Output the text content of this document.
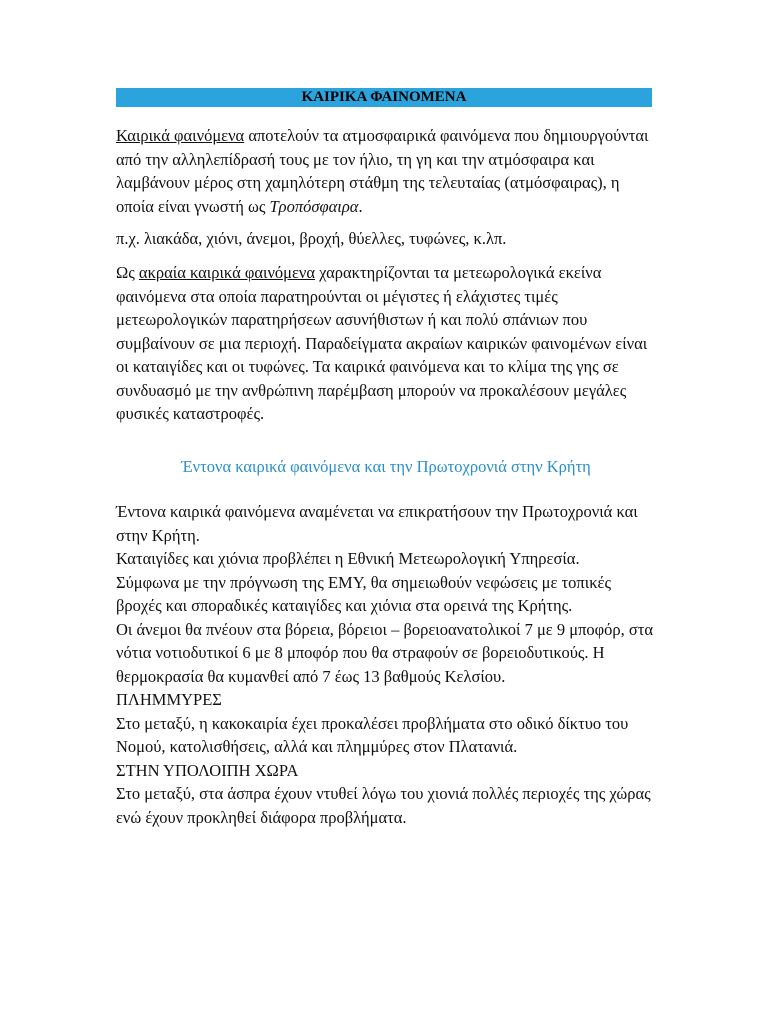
ΚΑΙΡΙΚΑ ΦΑΙΝΟΜΕΝΑ

Καιρικά φαινόμενα αποτελούν τα ατμοσφαιρικά φαινόμενα που δημιουργούνται από την αλληλεπίδρασή τους με τον ήλιο, τη γη και την ατμόσφαιρα και λαμβάνουν μέρος στη χαμηλότερη στάθμη της τελευταίας (ατμόσφαιρας), η οποία είναι γνωστή ως Τροπόσφαιρα.

π.χ. λιακάδα, χιόνι, άνεμοι, βροχή, θύελλες, τυφώνες, κ.λπ.

Ως ακραία καιρικά φαινόμενα χαρακτηρίζονται τα μετεωρολογικά εκείνα φαινόμενα στα οποία παρατηρούνται οι μέγιστες ή ελάχιστες τιμές μετεωρολογικών παρατηρήσεων ασυνήθιστων ή και πολύ σπάνιων που συμβαίνουν σε μια περιοχή. Παραδείγματα ακραίων καιρικών φαινομένων είναι οι καταιγίδες και οι τυφώνες. Τα καιρικά φαινόμενα και το κλίμα της γης σε συνδυασμό με την ανθρώπινη παρέμβαση μπορούν να προκαλέσουν μεγάλες φυσικές καταστροφές.

Έντονα καιρικά φαινόμενα και την Πρωτοχρονιά στην Κρήτη

Έντονα καιρικά φαινόμενα αναμένεται να επικρατήσουν την Πρωτοχρονιά και στην Κρήτη.

Καταιγίδες και χιόνια προβλέπει η Εθνική Μετεωρολογική Υπηρεσία.

Σύμφωνα με την πρόγνωση της ΕΜΥ, θα σημειωθούν νεφώσεις με τοπικές βροχές και σποραδικές καταιγίδες και χιόνια στα ορεινά της Κρήτης.

Οι άνεμοι θα πνέουν στα βόρεια, βόρειοι – βορειοανατολικοί 7 με 9 μποφόρ, στα νότια νοτιοδυτικοί 6 με 8 μποφόρ που θα στραφούν σε βορειοδυτικούς. Η θερμοκρασία θα κυμανθεί από 7 έως 13 βαθμούς Κελσίου.

ΠΛΗΜΜΥΡΕΣ

Στο μεταξύ, η κακοκαιρία έχει προκαλέσει προβλήματα στο οδικό δίκτυο του Νομού, κατολισθήσεις, αλλά και πλημμύρες στον Πλατανιά.

ΣΤΗΝ ΥΠΟΛΟΙΠΗ ΧΩΡΑ

Στο μεταξύ, στα άσπρα έχουν ντυθεί λόγω του χιονιά πολλές περιοχές της χώρας ενώ έχουν προκληθεί διάφορα προβλήματα.
